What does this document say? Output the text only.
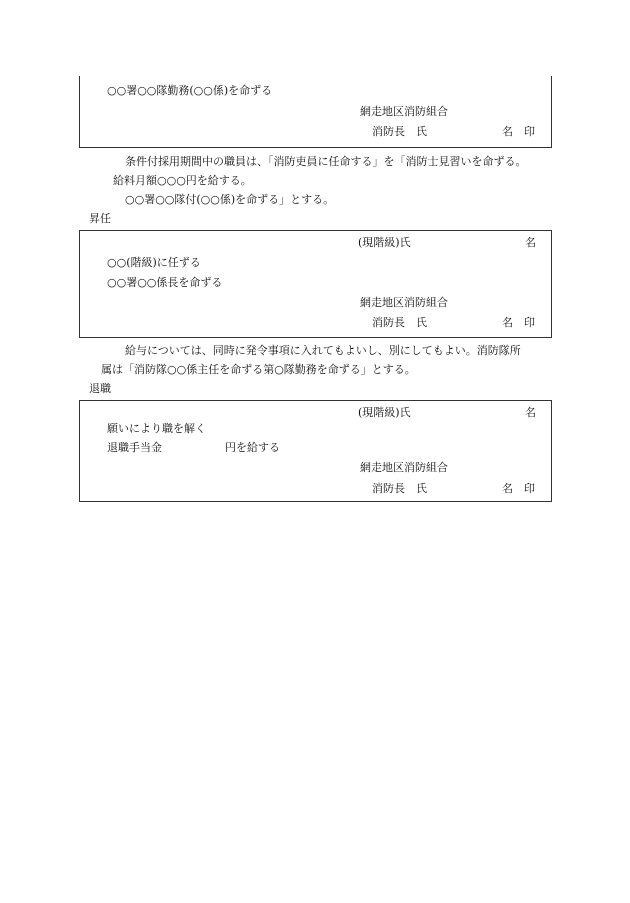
○○署○○隊勤務(○○係)を命ずる
網走地区消防組合
消防長　氏	名　印
条件付採用期間中の職員は、「消防吏員に任命する」を「消防士見習いを命ずる。
給料月額○○○円を給する。
○○署○○隊付(○○係)を命ずる」とする。
昇任
(現階級)氏	名
○○(階級)に任ずる
○○署○○係長を命ずる
網走地区消防組合
消防長　氏	名　印
給与については、同時に発令事項に入れてもよいし、別にしてもよい。消防隊所
属は「消防隊○○係主任を命ずる第○隊勤務を命ずる」とする。
退職
(現階級)氏	名
願いにより職を解く
退職手当金	円を給する
網走地区消防組合
消防長　氏	名　印
